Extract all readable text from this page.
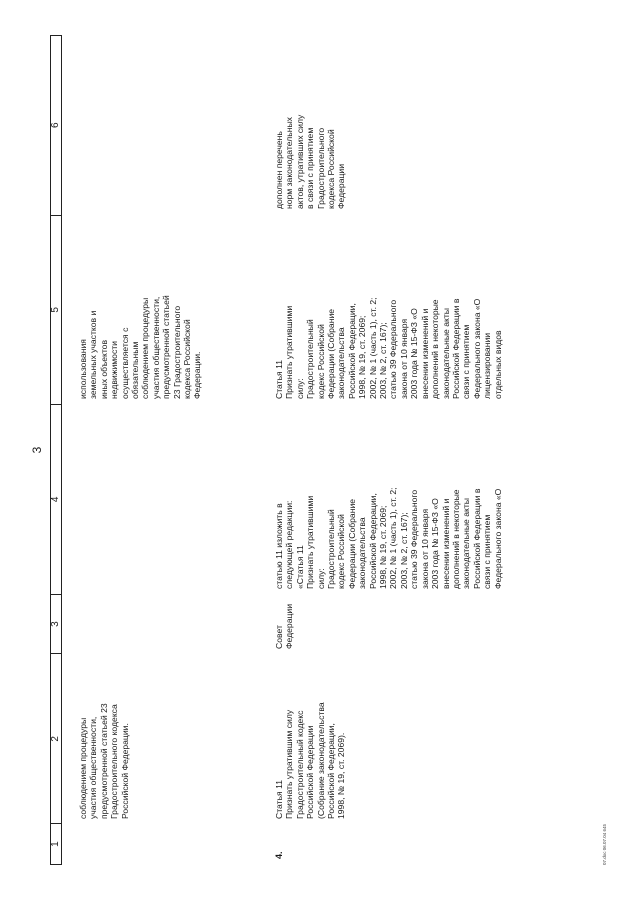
3
1
2
3
4
5
6
соблюдением процедуры
участия общественности,
предусмотренной статьей 23
Градостроительного кодекса
Российской Федерации.
использования
земельных участков и
иных объектов
недвижимости
осуществляется с
обязательным
соблюдением процедуры
участия общественности,
предусмотренной статьей
23 Градостроительного
кодекса Российской
Федерации.
4.
Статья 11
Признать утратившим силу
Градостроительный кодекс
Российской Федерации
(Собрание законодательства
Российской Федерации,
1998, № 19, ст. 2069).
Совет
Федерации
статью 11 изложить в
следующей редакции:
«Статья 11
Признать утратившими
силу:
Градостроительный
кодекс Российской
Федерации (Собрание
законодательства
Российской Федерации,
1998, № 19, ст. 2069;
2002, № 1 (часть 1), ст. 2;
2003, № 2, ст. 167);
статью 39 Федерального
закона от 10 января
2003 года № 15-ФЗ «О
внесении изменений и
дополнений в некоторые
законодательные акты
Российской Федерации в
связи с принятием
Федерального закона «О
Статья 11
Признать утратившими
силу:
Градостроительный
кодекс Российской
Федерации (Собрание
законодательства
Российской Федерации,
1998, № 19, ст. 2069;
2002, № 1 (часть 1), ст. 2;
2003, № 2, ст. 167);
статью 39 Федерального
закона от 10 января
2003 года № 15-ФЗ «О
внесении изменений и
дополнений в некоторые
законодательные акты
Российской Федерации в
связи с принятием
Федерального закона «О
лицензировании
отдельных видов
дополнен перечень
норм законодательных
актов, утративших силу
в связи с принятием
Градостроительного
кодекса Российской
Федерации
07.doc 06.07.04 645
